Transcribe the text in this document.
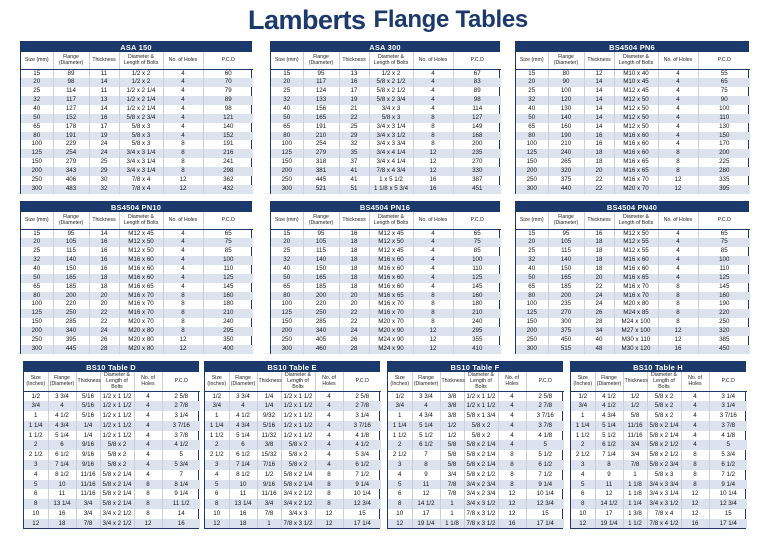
Lamberts Flange Tables
ASA 150
Size (mm)	Flange (Diameter)	Thickness	Diameter & Length of Bolts	No. of Holes	P.C.D
15	89	11	1/2 x 2	4	60
20	98	14	1/2 x 2	4	70
25	114	11	1/2 x 2 1/4	4	79
32	117	13	1/2 x 2 1/4	4	89
40	127	14	1/2 x 2 1/4	4	98
50	152	16	5/8 x 2 3/4	4	121
65	178	17	5/8 x 3	4	140
80	191	19	5/8 x 3	4	152
100	229	24	5/8 x 3	8	191
125	254	24	3/4 x 3 1/4	8	216
150	279	25	3/4 x 3 1/4	8	241
200	343	29	3/4 x 3 1/4	8	298
250	406	30	7/8 x 4	12	362
300	483	32	7/8 x 4	12	432
ASA 300
Size (mm)	Flange (Diameter)	Thickness	Diameter & Length of Bolts	No. of Holes	P.C.D
15	95	13	1/2 x 2	4	67
20	117	16	5/8 x 2 1/2	4	83
25	124	17	5/8 x 2 1/2	4	89
32	133	19	5/8 x 2 3/4	4	98
40	156	21	3/4 x 3	4	114
50	165	22	5/8 x 3	8	127
65	191	25	3/4 x 3 1/4	8	149
80	210	29	3/4 x 3 1/2	8	168
100	254	32	3/4 x 3 3/4	8	200
125	279	35	3/4 x 4 1/4	12	235
150	318	37	3/4 x 4 1/4	12	270
200	381	41	7/8 x 4 3/4	12	330
250	445	41	1 x 5 1/2	16	387
300	521	51	1 1/8 x 5 3/4	16	451
BS4504 PN6
Size (mm)	Flange (Diameter)	Thickness	Diameter & Length of Bolts	No. of Holes	P.C.D
15	80	12	M10 x 40	4	55
20	90	14	M10 x 45	4	65
25	100	14	M12 x 45	4	75
32	120	14	M12 x 50	4	90
40	130	14	M12 x 50	4	100
50	140	14	M12 x 50	4	110
65	160	14	M12 x 50	4	130
80	190	16	M16 x 60	4	150
100	210	16	M16 x 60	4	170
125	240	18	M16 x 60	8	200
150	265	18	M16 x 65	8	225
200	320	20	M16 x 65	8	280
250	375	22	M16 x 70	12	335
300	440	22	M20 x 70	12	395
BS4504 PN10
Size (mm)	Flange (Diameter)	Thickness	Diameter & Length of Bolts	No. of Holes	P.C.D
15	95	14	M12 x 45	4	65
20	105	16	M12 x 50	4	75
25	115	16	M12 x 50	4	85
32	140	16	M16 x 60	4	100
40	150	16	M16 x 60	4	110
50	165	18	M16 x 60	4	125
65	185	18	M16 x 65	4	145
80	200	20	M16 x 70	8	160
100	220	20	M16 x 70	8	180
125	250	22	M16 x 70	8	210
150	285	22	M20 x 70	8	240
200	340	24	M20 x 80	8	295
250	395	26	M20 x 80	12	350
300	445	28	M20 x 80	12	400
BS4504 PN16
Size (mm)	Flange (Diameter)	Thickness	Diameter & Length of Bolts	No. of Holes	P.C.D
15	95	16	M12 x 45	4	65
20	105	18	M12 x 50	4	75
25	115	18	M12 x 45	4	85
32	140	18	M16 x 60	4	100
40	150	18	M16 x 60	4	110
50	165	18	M16 x 60	4	125
65	185	18	M16 x 60	4	145
80	200	20	M16 x 65	8	160
100	220	20	M16 x 70	8	180
125	250	22	M16 x 70	8	210
150	285	22	M20 x 70	8	240
200	340	24	M20 x 90	12	295
250	405	26	M24 x 90	12	355
300	460	28	M24 x 90	12	410
BS4504 PN40
Size (mm)	Flange (Diameter)	Thickness	Diameter & Length of Bolts	No. of Holes	P.C.D
15	95	16	M12 x 50	4	65
20	105	18	M12 x 55	4	75
25	115	18	M12 x 55	4	85
32	140	18	M16 x 60	4	100
40	150	18	M16 x 60	4	110
50	165	20	M16 x 65	4	125
65	185	22	M16 x 70	8	145
80	200	24	M16 x 70	8	160
100	235	24	M20 x 80	8	190
125	270	26	M24 x 85	8	220
150	300	28	M24 x 100	8	250
200	375	34	M27 x 100	12	320
250	450	40	M30 x 110	12	385
300	515	48	M30 x 120	16	450
BS10 Table D
Size (Inches)	Flange (Diameter)	Thickness	Diameter & Length of Bolts	No. of Holes	P.C.D
1/2	3 3/4	5/16	1/2 x 1 1/2	4	2 5/8
3/4	4	5/16	1/2 x 1 1/2	4	2 7/8
1	4 1/2	5/16	1/2 x 1 1/2	4	3 1/4
1 1/4	4 3/4	1/4	1/2 x 1 1/2	4	3 7/16
1 1/2	5 1/4	1/4	1/2 x 1 1/2	4	3 7/8
2	6	9/16	5/8 x 2	4	4 1/2
2 1/2	6 1/2	9/16	5/8 x 2	4	5
3	7 1/4	9/16	5/8 x 2	4	5 3/4
4	8 1/2	11/16	5/8 x 2 1/4	4	7
5	10	11/16	5/8 x 2 1/4	8	8 1/4
6	11	11/16	5/8 x 2 1/4	8	9 1/4
8	13 1/4	3/4	5/8 x 2 1/4	8	11 1/2
10	16	3/4	3/4 x 2 1/2	8	14
12	18	7/8	3/4 x 2 1/2	12	16
BS10 Table E
Size (Inches)	Flange (Diameter)	Thickness	Diameter & Length of Bolts	No. of Holes	P.C.D
1/2	3 3/4	1/4	1/2 x 1 1/2	4	2 5/8
3/4	4	1/4	1/2 x 1 1/2	4	2 7/8
1	4 1/2	9/32	1/2 x 1 1/2	4	3 1/4
1 1/4	4 3/4	5/16	1/2 x 1 1/2	4	3 7/16
1 1/2	5 1/4	11/32	1/2 x 1 1/2	4	4 1/8
2	6	3/8	5/8 x 2	4	4 1/2
2 1/2	6 1/2	15/32	5/8 x 2	4	5 3/4
3	7 1/4	7/16	5/8 x 2	4	6 1/2
4	8 1/2	1/2	5/8 x 2 1/4	8	7 1/2
5	10	9/16	5/8 x 2 1/4	8	9 1/4
6	11	11/16	3/4 x 2 1/2	8	10 1/4
8	13 1/4	3/4	3/4 x 2 1/2	8	12 3/4
10	16	7/8	3/4 x 3	12	15
12	18	1	7/8 x 3 1/2	12	17 1/4
BS10 Table F
Size (Inches)	Flange (Diameter)	Thickness	Diameter & Length of Bolts	No. of Holes	P.C.D
1/2	3 3/4	3/8	1/2 x 1 1/2	4	2 5/8
3/4	4	3/8	1/2 x 1 1/2	4	2 7/8
1	4 3/4	3/8	5/8 x 1 3/4	4	3 7/16
1 1/4	5 1/4	1/2	5/8 x 2	4	3 7/8
1 1/2	5 1/2	1/2	5/8 x 2	4	4 1/8
2	6 1/2	5/8	5/8 x 2 1/4	4	5
2 1/2	7	5/8	5/8 x 2 1/4	8	5 1/2
3	8	5/8	5/8 x 2 1/4	8	6 1/2
4	9	3/4	5/8 x 2 1/2	8	7 1/2
5	11	7/8	3/4 x 2 3/4	8	9 1/4
6	12	7/8	3/4 x 2 3/4	12	10 1/4
8	14 1/2	1	3/4 x 3 1/2	12	12 3/4
10	17	1	7/8 x 3 1/2	12	15
12	19 1/4	1 1/8	7/8 x 3 1/2	16	17 1/4
BS10 Table H
Size (Inches)	Flange (Diameter)	Thickness	Diameter & Length of Bolts	No. of Holes	P.C.D
1/2	4 1/2	1/2	5/8 x 2	4	3 1/4
3/4	4 1/2	1/2	5/8 x 2	4	3 1/4
1	4 3/4	5/8	5/8 x 2	4	3 7/16
1 1/4	5 1/4	11/16	5/8 x 2 1/4	4	3 7/8
1 1/2	5 1/2	11/16	5/8 x 2 1/4	4	4 1/8
2	6 1/2	3/4	5/8 x 2 1/2	4	5
2 1/2	7 1/4	3/4	5/8 x 2 1/2	8	5 3/4
3	8	7/8	5/8 x 2 3/4	8	6 1/2
4	9	1	5/8 x 3	8	7 1/2
5	11	1 1/8	3/4 x 3 3/4	8	9 1/4
6	12	1 1/8	3/4 x 3 1/4	12	10 1/4
8	14 1/2	1 1/4	3/4 x 3 1/2	12	12 3/4
10	17	1 3/8	7/8 x 4	12	15
12	19 1/4	1 1/2	7/8 x 4 1/2	16	17 1/4
